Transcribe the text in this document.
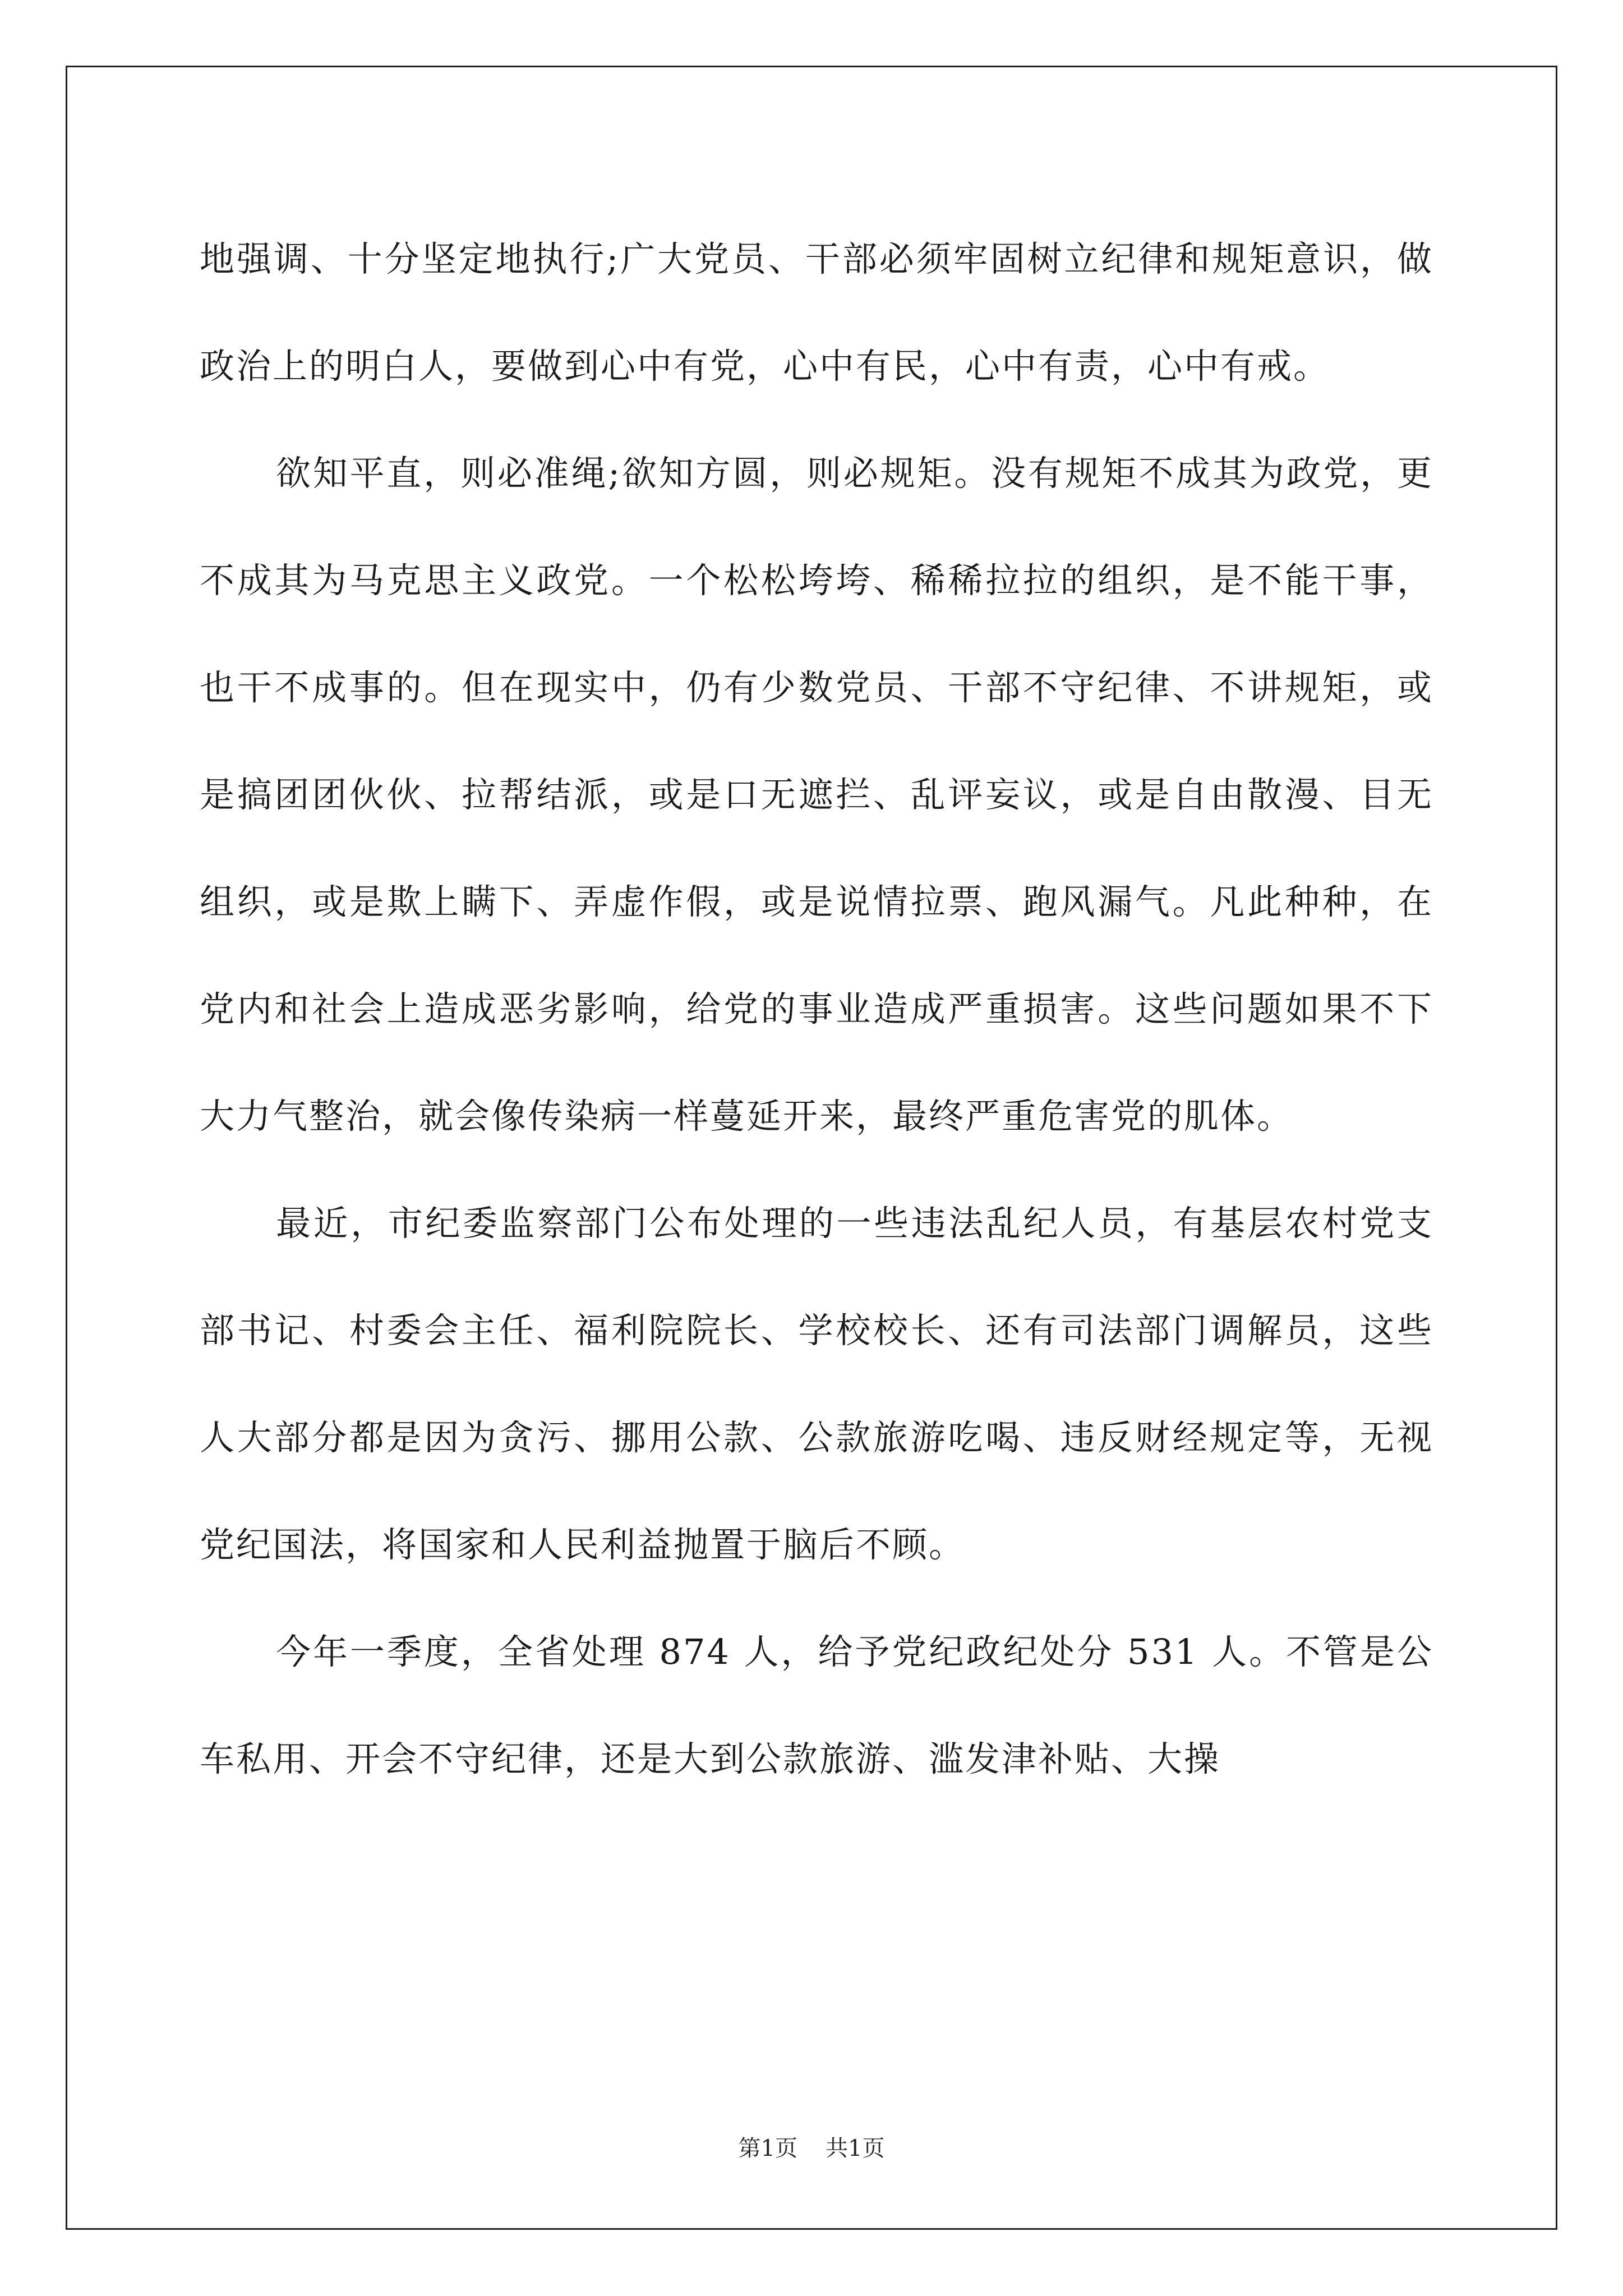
地强调、十分坚定地执行;广大党员、干部必须牢固树立纪律和规矩意识，做政治上的明白人，要做到心中有党，心中有民，心中有责，心中有戒。

欲知平直，则必准绳;欲知方圆，则必规矩。没有规矩不成其为政党，更不成其为马克思主义政党。一个松松垮垮、稀稀拉拉的组织，是不能干事，也干不成事的。但在现实中，仍有少数党员、干部不守纪律、不讲规矩，或是搞团团伙伙、拉帮结派，或是口无遮拦、乱评妄议，或是自由散漫、目无组织，或是欺上瞒下、弄虚作假，或是说情拉票、跑风漏气。凡此种种，在党内和社会上造成恶劣影响，给党的事业造成严重损害。这些问题如果不下大力气整治，就会像传染病一样蔓延开来，最终严重危害党的肌体。

最近，市纪委监察部门公布处理的一些违法乱纪人员，有基层农村党支部书记、村委会主任、福利院院长、学校校长、还有司法部门调解员，这些人大部分都是因为贪污、挪用公款、公款旅游吃喝、违反财经规定等，无视党纪国法，将国家和人民利益抛置于脑后不顾。

今年一季度，全省处理 874 人，给予党纪政纪处分 531 人。不管是公车私用、开会不守纪律，还是大到公款旅游、滥发津补贴、大操

第1页 共1页
